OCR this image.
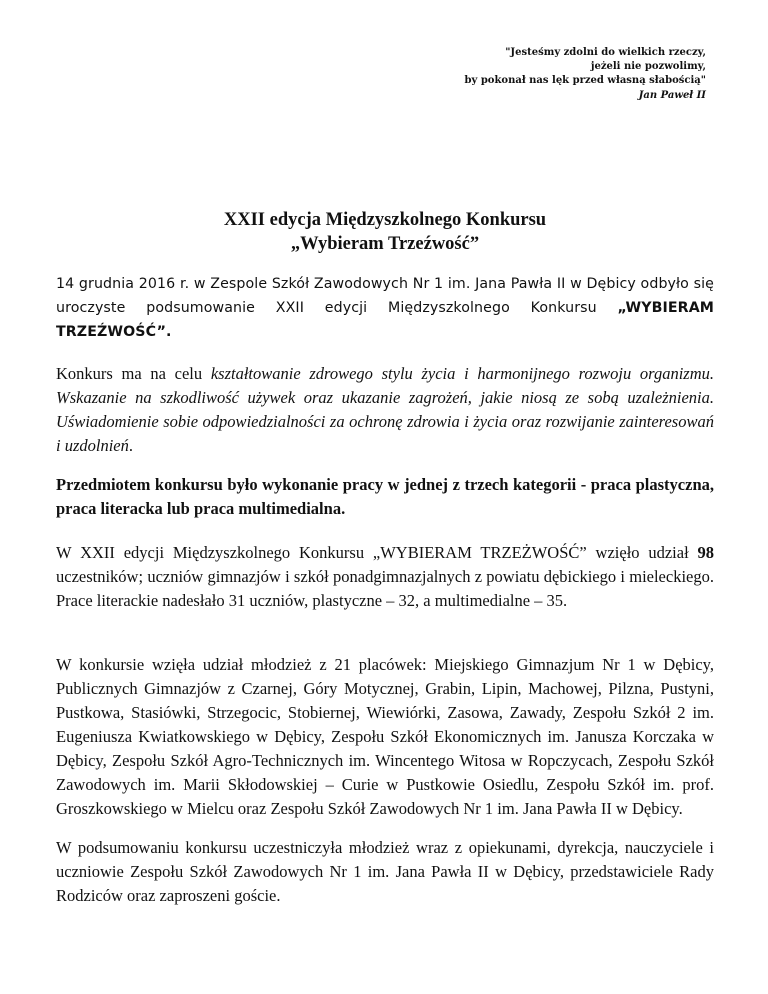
"Jesteśmy zdolni do wielkich rzeczy,
jeżeli nie pozwolimy,
by pokonał nas lęk przed własną słabością"
Jan Paweł II
XXII edycja Międzyszkolnego Konkursu
„Wybieram Trzeźwość”
14 grudnia 2016 r. w Zespole Szkół Zawodowych Nr 1 im. Jana Pawła II w Dębicy odbyło się uroczyste podsumowanie XXII edycji Międzyszkolnego Konkursu „WYBIERAM TRZEŹWOŚĆ”.
Konkurs ma na celu kształtowanie zdrowego stylu życia i harmonijnego rozwoju organizmu. Wskazanie na szkodliwość używek oraz ukazanie zagrożeń, jakie niosą ze sobą uzależnienia. Uświadomienie sobie odpowiedzialności za ochronę zdrowia i życia oraz rozwijanie zainteresowań i uzdolnień.
Przedmiotem konkursu było wykonanie pracy w jednej z trzech kategorii - praca plastyczna, praca literacka lub praca multimedialna.
W XXII edycji Międzyszkolnego Konkursu „WYBIERAM TRZEŻWOŚĆ” wzięło udział 98 uczestników; uczniów gimnazjów i szkół ponadgimnazjalnych z powiatu dębickiego i mieleckiego. Prace literackie nadesłało 31 uczniów, plastyczne – 32, a multimedialne – 35.
W konkursie wzięła udział młodzież z 21 placówek: Miejskiego Gimnazjum Nr 1 w Dębicy, Publicznych Gimnazjów z Czarnej, Góry Motycznej, Grabin, Lipin, Machowej, Pilzna, Pustyni, Pustkowa, Stasiówki, Strzegocic, Stobiernej, Wiewiórki, Zasowa, Zawady, Zespołu Szkół 2 im. Eugeniusza Kwiatkowskiego w Dębicy, Zespołu Szkół Ekonomicznych im. Janusza Korczaka w Dębicy, Zespołu Szkół Agro-Technicznych im. Wincentego Witosa w Ropczycach, Zespołu Szkół Zawodowych im. Marii Skłodowskiej – Curie w Pustkowie Osiedlu, Zespołu Szkół im. prof. Groszkowskiego w Mielcu oraz Zespołu Szkół Zawodowych Nr 1 im. Jana Pawła II w Dębicy.
W podsumowaniu konkursu uczestniczyła młodzież wraz z opiekunami, dyrekcja, nauczyciele i uczniowie Zespołu Szkół Zawodowych Nr 1 im. Jana Pawła II w Dębicy, przedstawiciele Rady Rodziców oraz zaproszeni goście.
